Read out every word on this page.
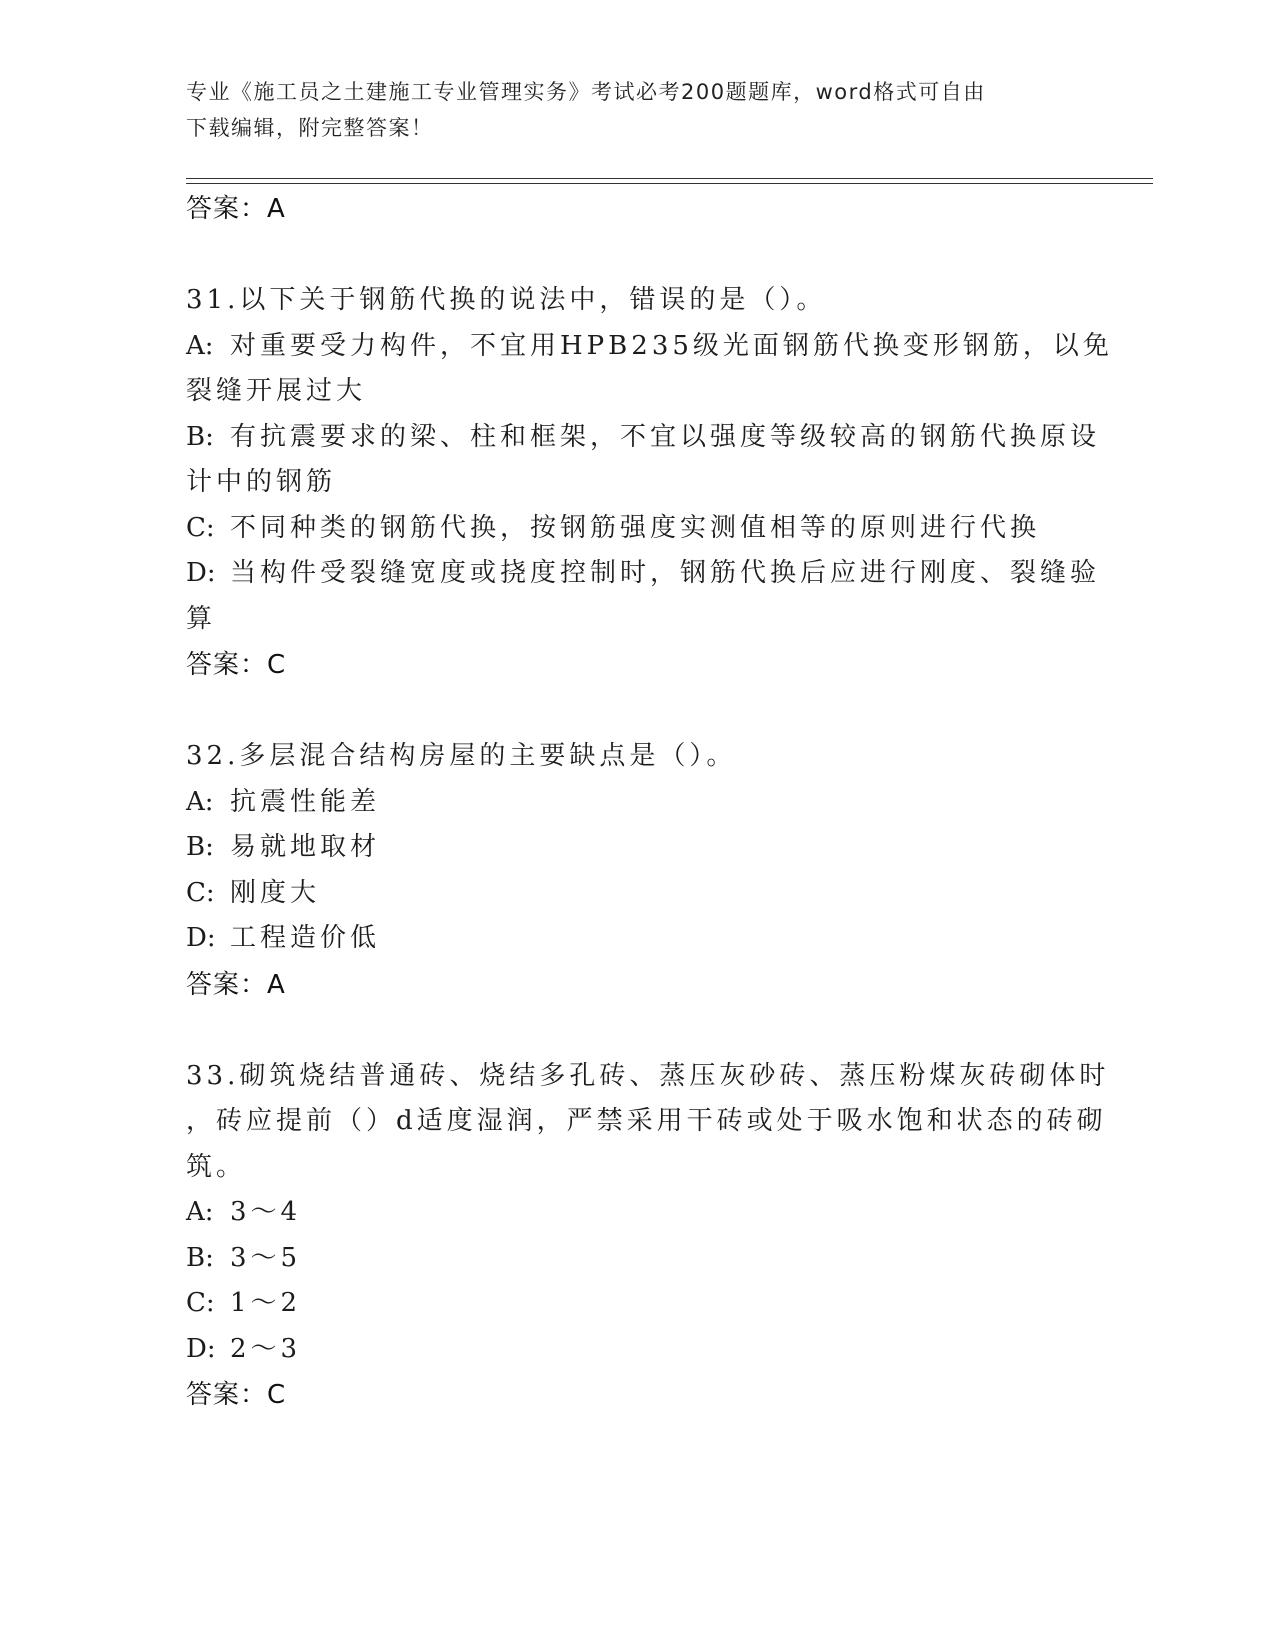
专业《施工员之土建施工专业管理实务》考试必考200题题库，word格式可自由
下载编辑，附完整答案！
答案：A
31.以下关于钢筋代换的说法中，错误的是（）。
A: 对重要受力构件，不宜用HPB235级光面钢筋代换变形钢筋，以免
裂缝开展过大
B: 有抗震要求的梁、柱和框架，不宜以强度等级较高的钢筋代换原设
计中的钢筋
C: 不同种类的钢筋代换，按钢筋强度实测值相等的原则进行代换
D: 当构件受裂缝宽度或挠度控制时，钢筋代换后应进行刚度、裂缝验
算
答案：C
32.多层混合结构房屋的主要缺点是（）。
A: 抗震性能差
B: 易就地取材
C: 刚度大
D: 工程造价低
答案：A
33.砌筑烧结普通砖、烧结多孔砖、蒸压灰砂砖、蒸压粉煤灰砖砌体时
，砖应提前（）d适度湿润，严禁采用干砖或处于吸水饱和状态的砖砌
筑。
A: 3～4
B: 3～5
C: 1～2
D: 2～3
答案：C
